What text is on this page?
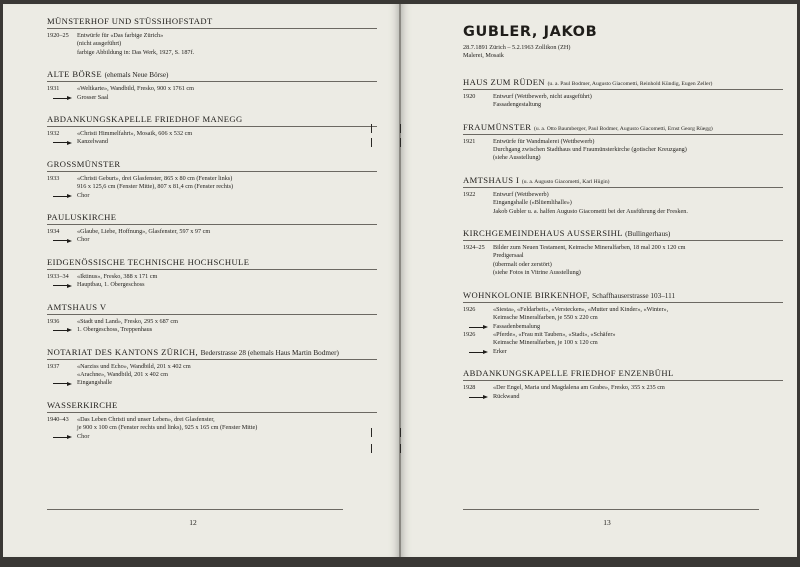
MÜNSTERHOF UND STÜSSIHOFSTADT
1920–25	Entwürfe für «Das farbige Zürich»
(nicht ausgeführt)
farbige Abbildung in: Das Werk, 1927, S. 187f.
ALTE BÖRSE (ehemals Neue Börse)
1931	«Weltkarte», Wandbild, Fresko, 900 x 1761 cm
Grosser Saal
ABDANKUNGSKAPELLE FRIEDHOF MANEGG
1932	«Christi Himmelfahrt», Mosaik, 606 x 532 cm
Kanzelwand
GROSSMÜNSTER
1933	«Christi Geburt», drei Glasfenster, 865 x 80 cm (Fenster links)
916 x 125,6 cm (Fenster Mitte), 807 x 81,4 cm (Fenster rechts)
Chor
PAULUSKIRCHE
1934	«Glaube, Liebe, Hoffnung», Glasfenster, 597 x 97 cm
Chor
EIDGENÖSSISCHE TECHNISCHE HOCHSCHULE
1933–34	«Iktinus», Fresko, 388 x 171 cm
Hauptbau, 1. Obergeschoss
AMTSHAUS V
1936	«Stadt und Land», Fresko, 295 x 687 cm
1. Obergeschoss, Treppenhaus
NOTARIAT DES KANTONS ZÜRICH, Bederstrasse 28 (ehemals Haus Martin Bodmer)
1937	«Narziss und Echo», Wandbild, 201 x 402 cm
«Arachne», Wandbild, 201 x 402 cm
Eingangshalle
WASSERKIRCHE
1940–43	«Das Leben Christi und unser Leben», drei Glasfenster,
je 900 x 100 cm (Fenster rechts und links), 925 x 165 cm (Fenster Mitte)
Chor
12
GUBLER, JAKOB
28.7.1891 Zürich – 5.2.1963 Zollikon (ZH)
Malerei, Mosaik
HAUS ZUM RÜDEN (u. a. Paul Bodmer, Augusto Giacometti, Reinhold Kündig, Eugen Zeller)
1920	Entwurf (Wettbewerb, nicht ausgeführt)
Fassadengestaltung
FRAUMÜNSTER (u. a. Otto Baumberger, Paul Bodmer, Augusto Giacometti, Ernst Georg Rüegg)
1921	Entwürfe für Wandmalerei (Wettbewerb)
Durchgang zwischen Stadthaus und Fraumünsterkirche (gotischer Kreuzgang)
(siehe Ausstellung)
AMTSHAUS I (u. a. Augusto Giacometti, Karl Hügin)
1922	Entwurf (Wettbewerb)
Eingangshalle («Blüemlihalle»)
Jakob Gubler u. a. halfen Augusto Giacometti bei der Ausführung der Fresken.
KIRCHGEMEINDEHAUS AUSSERSIHL (Bullingerhaus)
1924–25	Bilder zum Neuen Testament, Keimsche Mineralfarben, 18 mal 200 x 120 cm
Predigersaal
(übermalt oder zerstört)
(siehe Fotos in Vitrine Ausstellung)
WOHNKOLONIE BIRKENHOF, Schaffhauserstrasse 103–111
1926	«Siesta», «Feldarbeit», «Verstecken», «Mutter und Kinder», «Winter»,
Keimsche Mineralfarben, je 550 x 220 cm
Fassadenbemalung
1926	«Pferde», «Frau mit Tauben», «Stadt», «Schäfer»
Keimsche Mineralfarben, je 100 x 120 cm
Erker
ABDANKUNGSKAPELLE FRIEDHOF ENZENBÜHL
1928	«Der Engel, Maria und Magdalena am Grabe», Fresko, 355 x 235 cm
Rückwand
13
